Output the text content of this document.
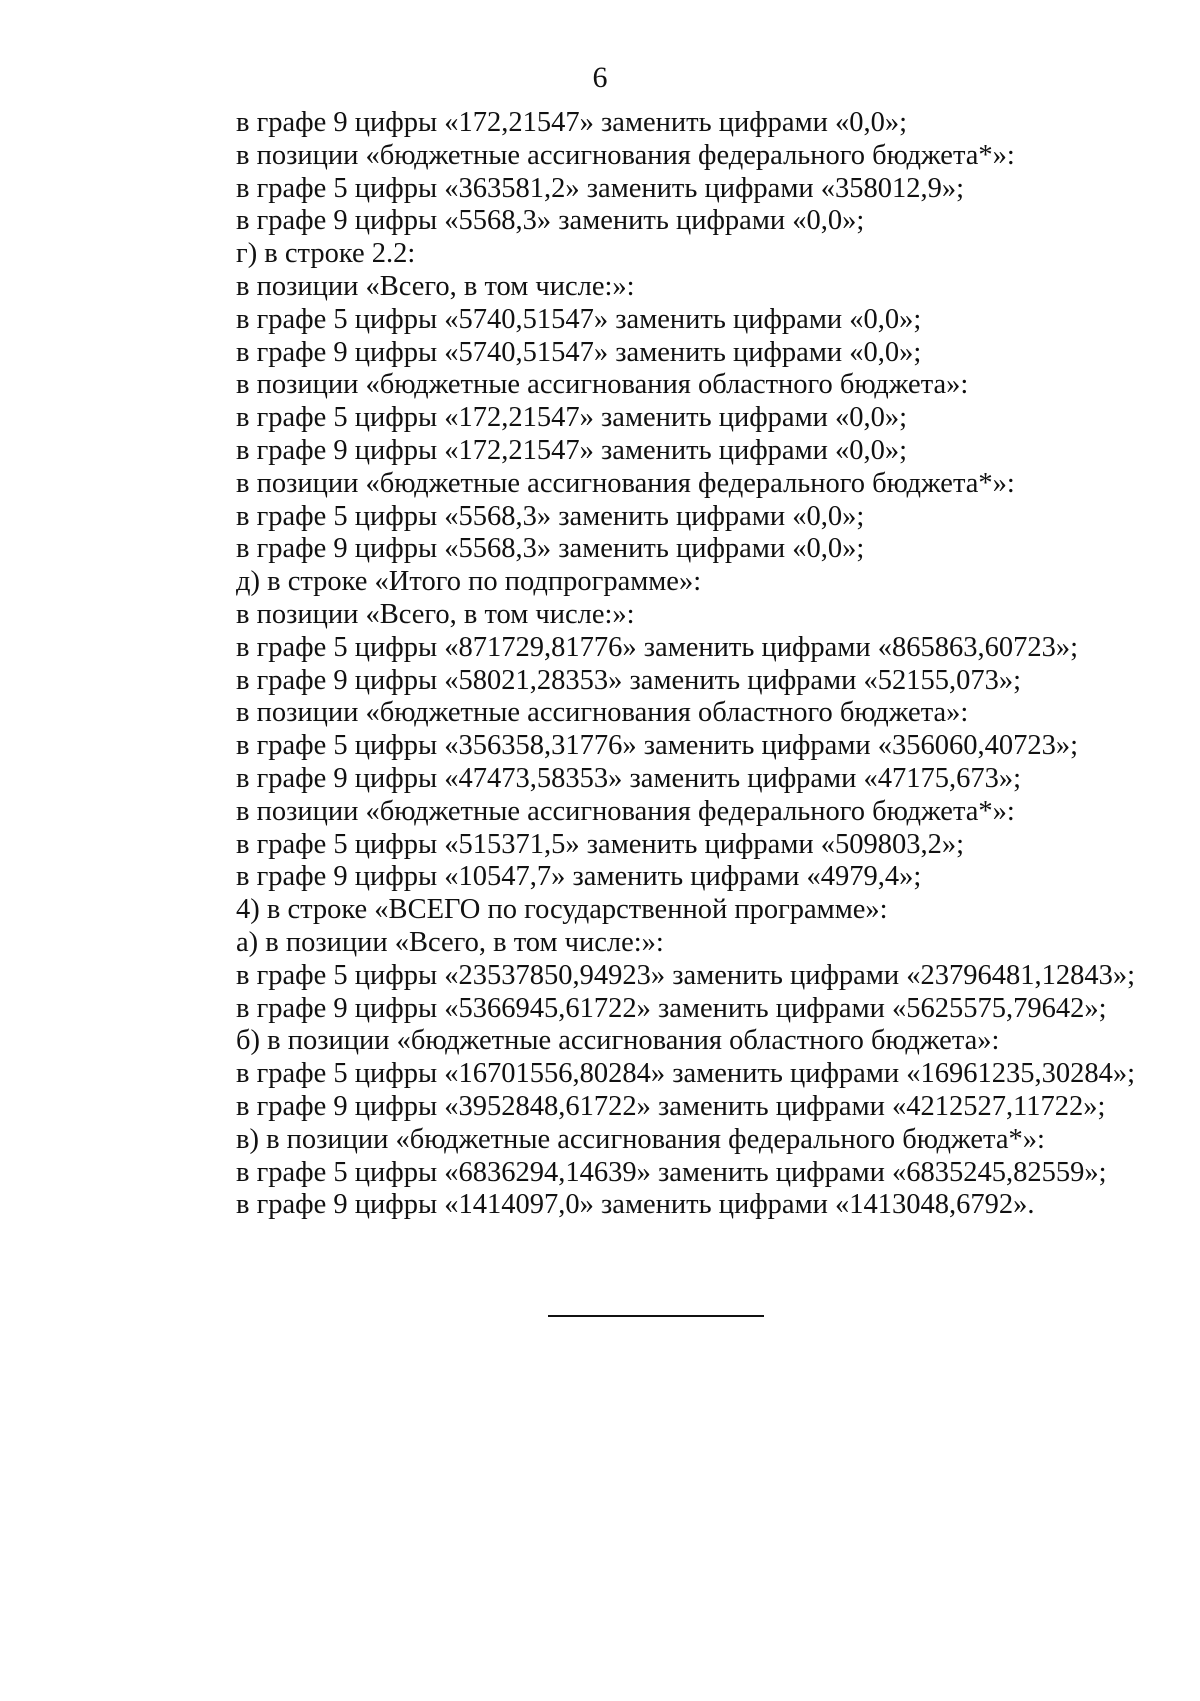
6
в графе 9 цифры «172,21547» заменить цифрами «0,0»;
в позиции «бюджетные ассигнования федерального бюджета*»:
в графе 5 цифры «363581,2» заменить цифрами «358012,9»;
в графе 9 цифры «5568,3» заменить цифрами «0,0»;
г) в строке 2.2:
в позиции «Всего, в том числе:»:
в графе 5 цифры «5740,51547» заменить цифрами «0,0»;
в графе 9 цифры «5740,51547» заменить цифрами «0,0»;
в позиции «бюджетные ассигнования областного бюджета»:
в графе 5 цифры «172,21547» заменить цифрами «0,0»;
в графе 9 цифры «172,21547» заменить цифрами «0,0»;
в позиции «бюджетные ассигнования федерального бюджета*»:
в графе 5 цифры «5568,3» заменить цифрами «0,0»;
в графе 9 цифры «5568,3» заменить цифрами «0,0»;
д) в строке «Итого по подпрограмме»:
в позиции «Всего, в том числе:»:
в графе 5 цифры «871729,81776» заменить цифрами «865863,60723»;
в графе 9 цифры «58021,28353» заменить цифрами «52155,073»;
в позиции «бюджетные ассигнования областного бюджета»:
в графе 5 цифры «356358,31776» заменить цифрами «356060,40723»;
в графе 9 цифры «47473,58353» заменить цифрами «47175,673»;
в позиции «бюджетные ассигнования федерального бюджета*»:
в графе 5 цифры «515371,5» заменить цифрами «509803,2»;
в графе 9 цифры «10547,7» заменить цифрами «4979,4»;
4) в строке «ВСЕГО по государственной программе»:
а) в позиции «Всего, в том числе:»:
в графе 5 цифры «23537850,94923» заменить цифрами «23796481,12843»;
в графе 9 цифры «5366945,61722» заменить цифрами «5625575,79642»;
б) в позиции «бюджетные ассигнования областного бюджета»:
в графе 5 цифры «16701556,80284» заменить цифрами «16961235,30284»;
в графе 9 цифры «3952848,61722» заменить цифрами «4212527,11722»;
в) в позиции «бюджетные ассигнования федерального бюджета*»:
в графе 5 цифры «6836294,14639» заменить цифрами «6835245,82559»;
в графе 9 цифры «1414097,0» заменить цифрами «1413048,6792».
